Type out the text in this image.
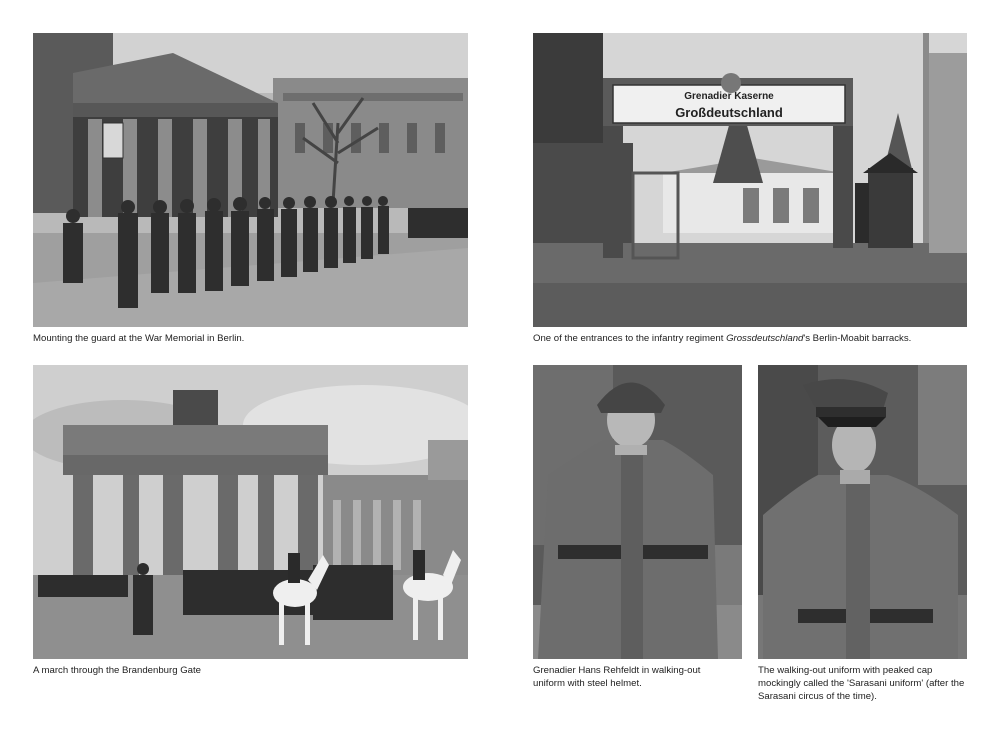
Mounting the guard at the War Memorial in Berlin.
Grenadier Kaserne
Großdeutschland
One of the entrances to the infantry regiment Grossdeutschland's Berlin-Moabit barracks.
A march through the Brandenburg Gate	Grenadier Hans Rehfeldt in walking-out uniform with steel helmet.
The walking-out uniform with peaked cap mockingly called the 'Sarasani uniform' (after the Sarasani circus of the time).
